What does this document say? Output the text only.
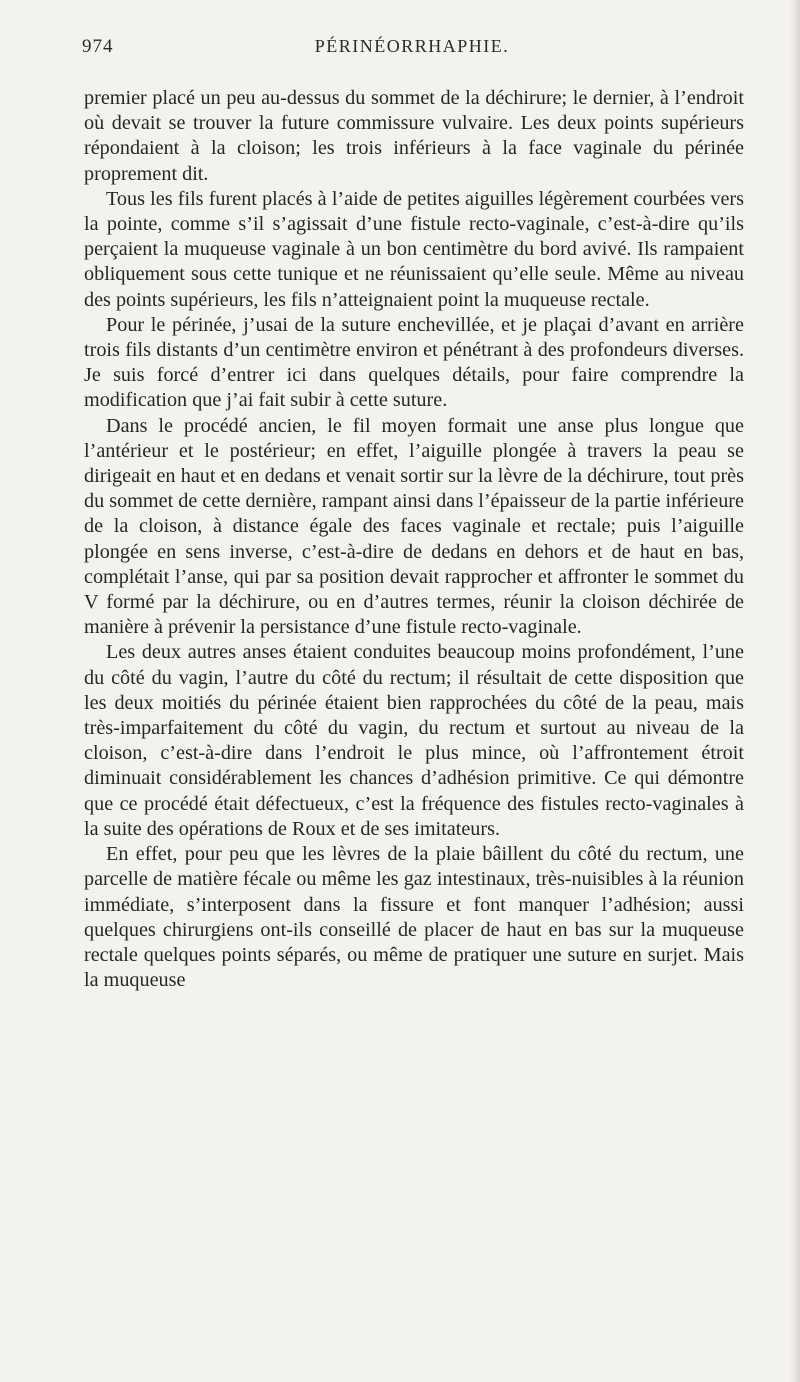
974	PÉRINÉORRHAPHIE.

premier placé un peu au-dessus du sommet de la déchirure; le dernier, à l’endroit où devait se trouver la future commissure vulvaire. Les deux points supérieurs répondaient à la cloison; les trois inférieurs à la face vaginale du périnée proprement dit.

Tous les fils furent placés à l’aide de petites aiguilles légèrement courbées vers la pointe, comme s’il s’agissait d’une fistule recto-vaginale, c’est-à-dire qu’ils perçaient la muqueuse vaginale à un bon centimètre du bord avivé. Ils rampaient obliquement sous cette tunique et ne réunissaient qu’elle seule. Même au niveau des points supérieurs, les fils n’atteignaient point la muqueuse rectale.

Pour le périnée, j’usai de la suture enchevillée, et je plaçai d’avant en arrière trois fils distants d’un centimètre environ et pénétrant à des profondeurs diverses. Je suis forcé d’entrer ici dans quelques détails, pour faire comprendre la modification que j’ai fait subir à cette suture.

Dans le procédé ancien, le fil moyen formait une anse plus longue que l’antérieur et le postérieur; en effet, l’aiguille plongée à travers la peau se dirigeait en haut et en dedans et venait sortir sur la lèvre de la déchirure, tout près du sommet de cette dernière, rampant ainsi dans l’épaisseur de la partie inférieure de la cloison, à distance égale des faces vaginale et rectale; puis l’aiguille plongée en sens inverse, c’est-à-dire de dedans en dehors et de haut en bas, complétait l’anse, qui par sa position devait rapprocher et affronter le sommet du V formé par la déchirure, ou en d’autres termes, réunir la cloison déchirée de manière à prévenir la persistance d’une fistule recto-vaginale.

Les deux autres anses étaient conduites beaucoup moins profondément, l’une du côté du vagin, l’autre du côté du rectum; il résultait de cette disposition que les deux moitiés du périnée étaient bien rapprochées du côté de la peau, mais très-imparfaitement du côté du vagin, du rectum et surtout au niveau de la cloison, c’est-à-dire dans l’endroit le plus mince, où l’affrontement étroit diminuait considérablement les chances d’adhésion primitive. Ce qui démontre que ce procédé était défectueux, c’est la fréquence des fistules recto-vaginales à la suite des opérations de Roux et de ses imitateurs.

En effet, pour peu que les lèvres de la plaie bâillent du côté du rectum, une parcelle de matière fécale ou même les gaz intestinaux, très-nuisibles à la réunion immédiate, s’interposent dans la fissure et font manquer l’adhésion; aussi quelques chirurgiens ont-ils conseillé de placer de haut en bas sur la muqueuse rectale quelques points séparés, ou même de pratiquer une suture en surjet. Mais la muqueuse
